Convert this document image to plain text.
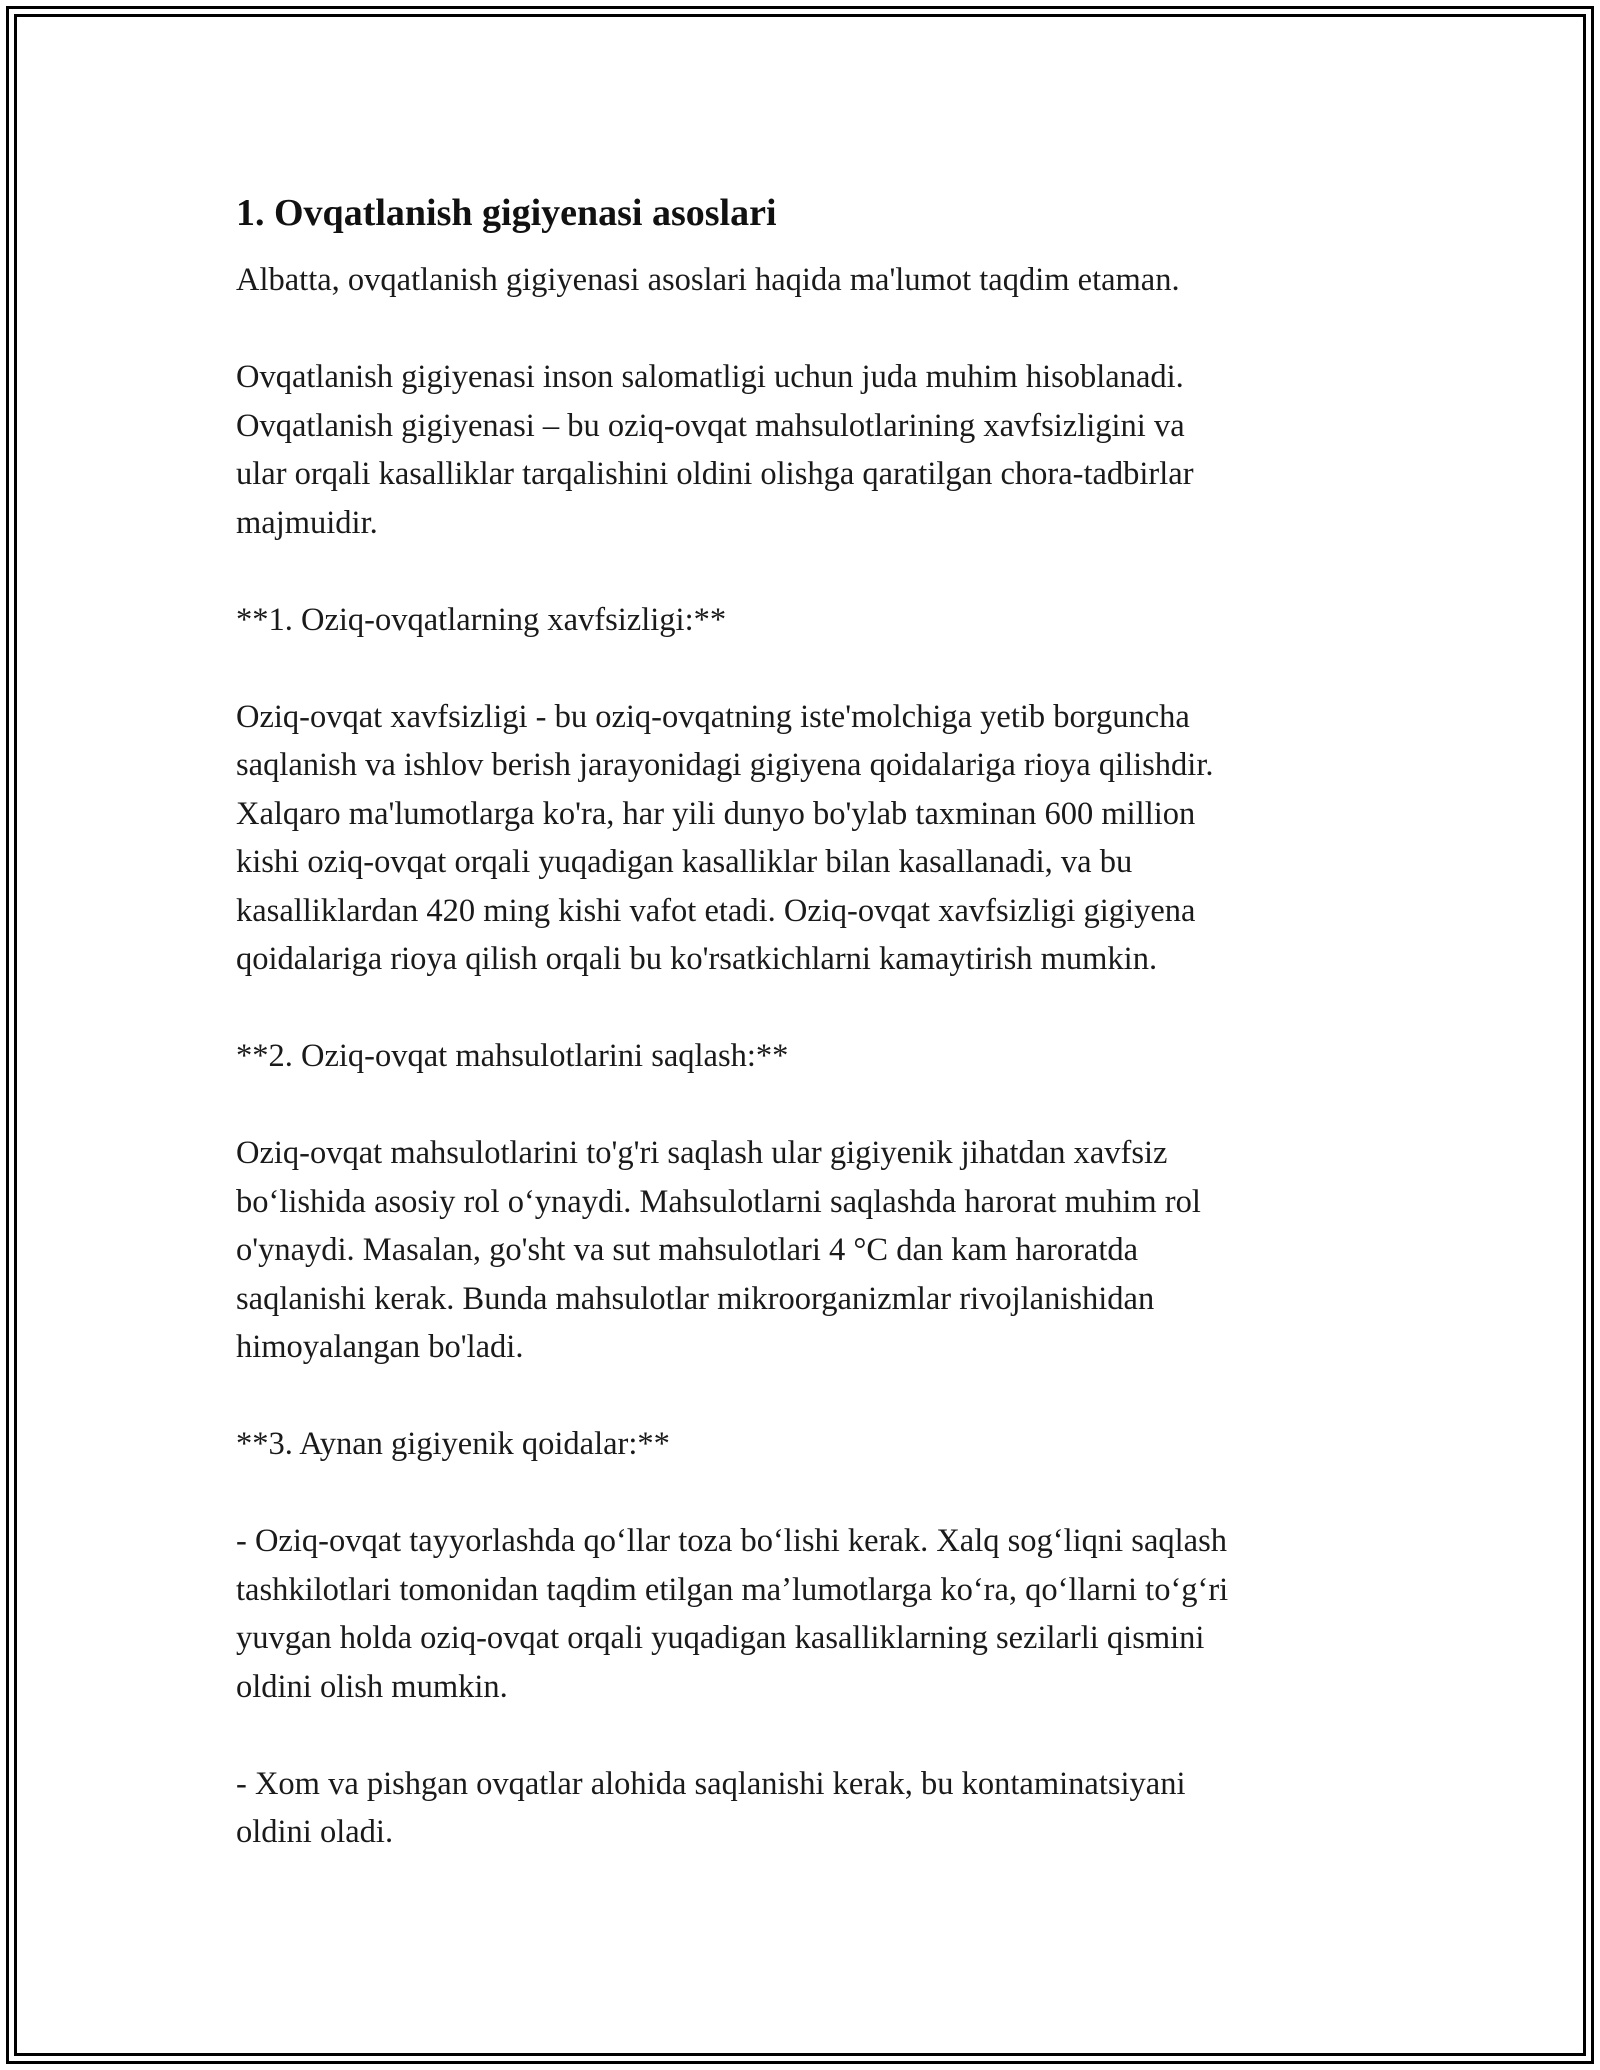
1. Ovqatlanish gigiyenasi asoslari

Albatta, ovqatlanish gigiyenasi asoslari haqida ma'lumot taqdim etaman.

Ovqatlanish gigiyenasi inson salomatligi uchun juda muhim hisoblanadi.
Ovqatlanish gigiyenasi – bu oziq-ovqat mahsulotlarining xavfsizligini va
ular orqali kasalliklar tarqalishini oldini olishga qaratilgan chora-tadbirlar
majmuidir.

**1. Oziq-ovqatlarning xavfsizligi:**

Oziq-ovqat xavfsizligi - bu oziq-ovqatning iste'molchiga yetib borguncha
saqlanish va ishlov berish jarayonidagi gigiyena qoidalariga rioya qilishdir.
Xalqaro ma'lumotlarga ko'ra, har yili dunyo bo'ylab taxminan 600 million
kishi oziq-ovqat orqali yuqadigan kasalliklar bilan kasallanadi, va bu
kasalliklardan 420 ming kishi vafot etadi. Oziq-ovqat xavfsizligi gigiyena
qoidalariga rioya qilish orqali bu ko'rsatkichlarni kamaytirish mumkin.

**2. Oziq-ovqat mahsulotlarini saqlash:**

Oziq-ovqat mahsulotlarini to'g'ri saqlash ular gigiyenik jihatdan xavfsiz
boʻlishida asosiy rol oʻynaydi. Mahsulotlarni saqlashda harorat muhim rol
o'ynaydi. Masalan, go'sht va sut mahsulotlari 4 °C dan kam haroratda
saqlanishi kerak. Bunda mahsulotlar mikroorganizmlar rivojlanishidan
himoyalangan bo'ladi.

**3. Aynan gigiyenik qoidalar:**

- Oziq-ovqat tayyorlashda qoʻllar toza boʻlishi kerak. Xalq sogʻliqni saqlash
tashkilotlari tomonidan taqdim etilgan maʼlumotlarga koʻra, qoʻllarni toʻgʻri
yuvgan holda oziq-ovqat orqali yuqadigan kasalliklarning sezilarli qismini
oldini olish mumkin.

- Xom va pishgan ovqatlar alohida saqlanishi kerak, bu kontaminatsiyani
oldini oladi.
